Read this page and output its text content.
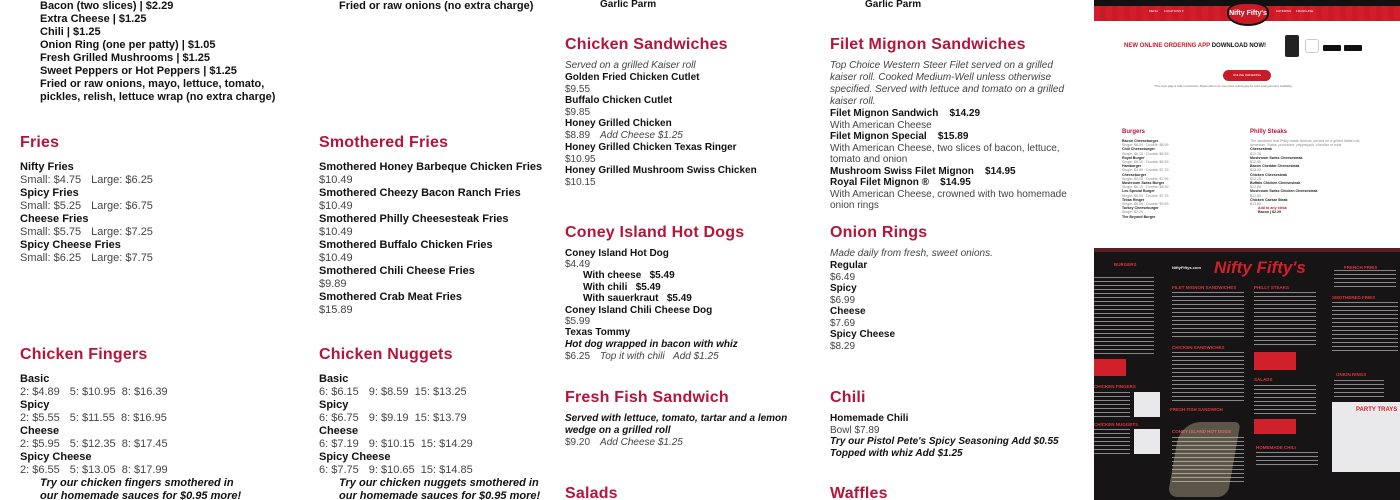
Bacon (two slices) | $2.29
Extra Cheese | $1.25
Chili | $1.25
Onion Ring (one per patty) | $1.05
Fresh Grilled Mushrooms | $1.25
Sweet Peppers or Hot Peppers | $1.25
Fried or raw onions, mayo, lettuce, tomato, pickles, relish, lettuce wrap (no extra charge)
Fries
Nifty Fries
Small: $4.75 Large: $6.25
Spicy Fries
Small: $5.25 Large: $6.75
Cheese Fries
Small: $5.75 Large: $7.25
Spicy Cheese Fries
Small: $6.25 Large: $7.75
Chicken Fingers
Basic
2: $4.89 5: $10.95 8: $16.39
Spicy
2: $5.55 5: $11.55 8: $16.95
Cheese
2: $5.95 5: $12.35 8: $17.45
Spicy Cheese
2: $6.55 5: $13.05 8: $17.99
Try our chicken fingers smothered in
our homemade sauces for $0.95 more!
Fried or raw onions (no extra charge)
Smothered Fries
Smothered Honey Barbeque Chicken Fries
$10.49
Smothered Cheezy Bacon Ranch Fries
$10.49
Smothered Philly Cheesesteak Fries
$10.49
Smothered Buffalo Chicken Fries
$10.49
Smothered Chili Cheese Fries
$9.89
Smothered Crab Meat Fries
$15.89
Chicken Nuggets
Basic
6: $6.15 9: $8.59 15: $13.25
Spicy
6: $6.75 9: $9.19 15: $13.79
Cheese
6: $7.19 9: $10.15 15: $14.29
Spicy Cheese
6: $7.75 9: $10.65 15: $14.85
Try our chicken nuggets smothered in
our homemade sauces for $0.95 more!
Garlic Parm
Chicken Sandwiches
Served on a grilled Kaiser roll
Golden Fried Chicken Cutlet
$9.55
Buffalo Chicken Cutlet
$9.85
Honey Grilled Chicken
$8.89 Add Cheese $1.25
Honey Grilled Chicken Texas Ringer
$10.95
Honey Grilled Mushroom Swiss Chicken
$10.15
Coney Island Hot Dogs
Coney Island Hot Dog
$4.49
With cheese $5.49
With chili $5.49
With sauerkraut $5.49
Coney Island Chili Cheese Dog
$5.99
Texas Tommy
Hot dog wrapped in bacon with whiz
$6.25 Top it with chili Add $1.25
Fresh Fish Sandwich
Served with lettuce, tomato, tartar and a lemon wedge on a grilled roll
$9.20 Add Cheese $1.25
Salads
Garlic Parm
Filet Mignon Sandwiches
Top Choice Western Steer Filet served on a grilled kaiser roll. Cooked Medium-Well unless otherwise specified. Served with lettuce and tomato on a grilled kaiser roll.
Filet Mignon Sandwich $14.29
With American Cheese
Filet Mignon Special $15.89
With American Cheese, two slices of bacon, lettuce, tomato and onion
Mushroom Swiss Filet Mignon $14.95
Royal Filet Mignon ® $14.95
With American Cheese, crowned with two homemade onion rings
Onion Rings
Made daily from fresh, sweet onions.
Regular
$6.49
Spicy
$6.99
Cheese
$7.69
Spicy Cheese
$8.29
Chili
Homemade Chili
Bowl $7.89
Try our Pistol Pete's Spicy Seasoning Add $0.55
Topped with whiz Add $1.25
Waffles
MENU LOCATIONS ▾	CATERING FRANCHISE
Nifty Fifty's
NEW ONLINE ORDERING APP DOWNLOAD NOW!
ONLINE ORDERING
*This menu page is under construction. Please refer to our new online ordering app for exact pricing and item availability.
Burgers
Bacon Cheeseburger
Single: $6.39 · Double: $8.99
Chili Cheeseburger
Single: $6.15 · Double: $8.59
Royal Burger
Single: $6.15 · Double: $8.59
Hamburger
Single: $4.89 · Double: $7.29
Cheeseburger
Single: $5.55 · Double: $7.95
Mushroom Swiss Burger
Single: $6.15 · Double: $8.59
Leo Special Burger
Single: $6.55 · Double: $7.75
Texas Ringer
Single: $6.89 · Double: $9.59
Turkey Cheeseburger
Single: $7.29
The Beyond Burger
Philly Steaks
The sandwich that Philly made famous, served on a grilled Italian roll. American, Swiss, provolone, pepperjack, cheddar or whiz
Cheesesteak
$12.25
Mushroom Swiss Cheesesteak
$12.85
Bacon Cheddar Cheesesteak
$13.09
Chicken Cheesesteak
$12.25
Buffalo Chicken Cheesesteak
$12.85
Mushroom Swiss Chicken Cheesesteak
$12.85
Chicken Caesar Steak
$13.65
Add to any steak
Bacon | $2.29
Nifty Fifty's
NiftyFiftys.com
BURGERS
FILET MIGNON SANDWICHES	PHILLY STEAKS
FRENCH FRIES
SMOTHERED FRIES
CHICKEN SANDWICHES
SALADS
ONION RINGS
FRESH FISH SANDWICH
CONEY ISLAND HOT DOGS
HOMEMADE CHILI
CHICKEN FINGERS
CHICKEN NUGGETS
PARTY TRAYS
